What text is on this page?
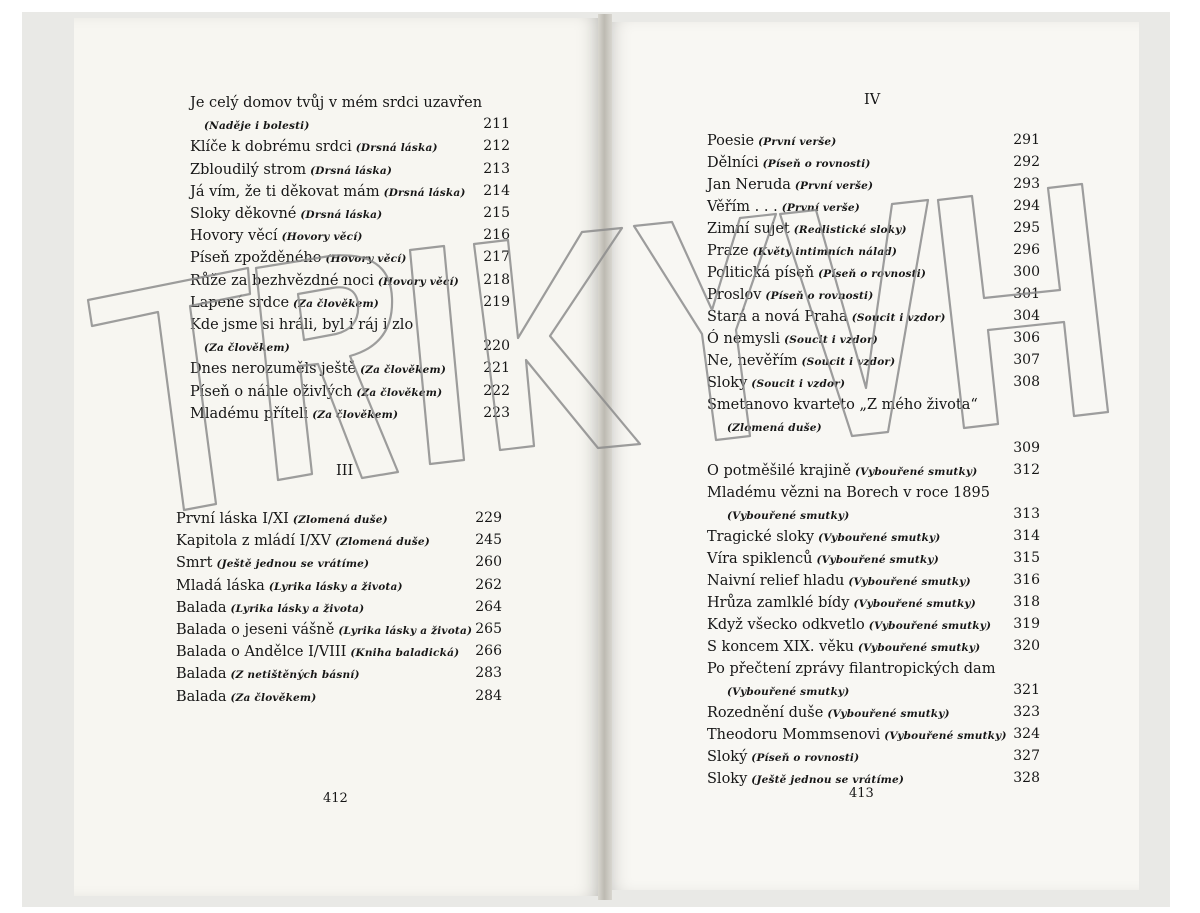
Je celý domov tvůj v mém srdci uzavřen
(Naděje i bolesti)	211
Klíče k dobrému srdci (Drsná láska)	212
Zbloudilý strom (Drsná láska)	213
Já vím, že ti děkovat mám (Drsná láska)	214
Sloky děkovné (Drsná láska)	215
Hovory věcí (Hovory věcí)	216
Píseň zpožděného (Hovory věcí)	217
Růže za bezhvězdné noci (Hovory věcí)	218
Lapené srdce (Za člověkem)	219
Kde jsme si hráli, byl i ráj i zlo
(Za člověkem)	220
Dnes nerozuměls ještě (Za člověkem)	221
Píseň o náhle oživlých (Za člověkem)	222
Mladému příteli (Za člověkem)	223
III
První láska I/XI (Zlomená duše)	229
Kapitola z mládí I/XV (Zlomená duše)	245
Smrt (Ještě jednou se vrátíme)	260
Mladá láska (Lyrika lásky a života)	262
Balada (Lyrika lásky a života)	264
Balada o jeseni vášně (Lyrika lásky a života) 265
Balada o Andělce I/VIII (Kniha baladická)	266
Balada (Z netištěných básní)	283
Balada (Za člověkem)	284
412
IV
Poesie (První verše)	291
Dělníci (Píseň o rovnosti)	292
Jan Neruda (První verše)	293
Věřím . . . (První verše)	294
Zimní sujet (Realistické sloky)	295
Praze (Květy intimních nálad)	296
Politická píseň (Píseň o rovnosti)	300
Proslov (Píseň o rovnosti)	301
Stará a nová Praha (Soucit i vzdor)	304
Ó nemysli (Soucit i vzdor)	306
Ne, nevěřím (Soucit i vzdor)	307
Sloky (Soucit i vzdor)	308
Smetanovo kvarteto „Z mého života“
(Zlomená duše)
309
O potměšilé krajině (Vybouřené smutky)	312
Mladému vězni na Borech v roce 1895
(Vybouřené smutky)	313
Tragické sloky (Vybouřené smutky)	314
Víra spiklenců (Vybouřené smutky)	315
Naivní relief hladu (Vybouřené smutky)	316
Hrůza zamlklé bídy (Vybouřené smutky)	318
Když všecko odkvetlo (Vybouřené smutky)	319
S koncem XIX. věku (Vybouřené smutky)	320
Po přečtení zprávy filantropických dam
(Vybouřené smutky)	321
Rozednění duše (Vybouřené smutky)	323
Theodoru Mommsenovi (Vybouřené smutky) 324
Sloký (Píseň o rovnosti)	327
Sloky (Ještě jednou se vrátíme)	328
413
